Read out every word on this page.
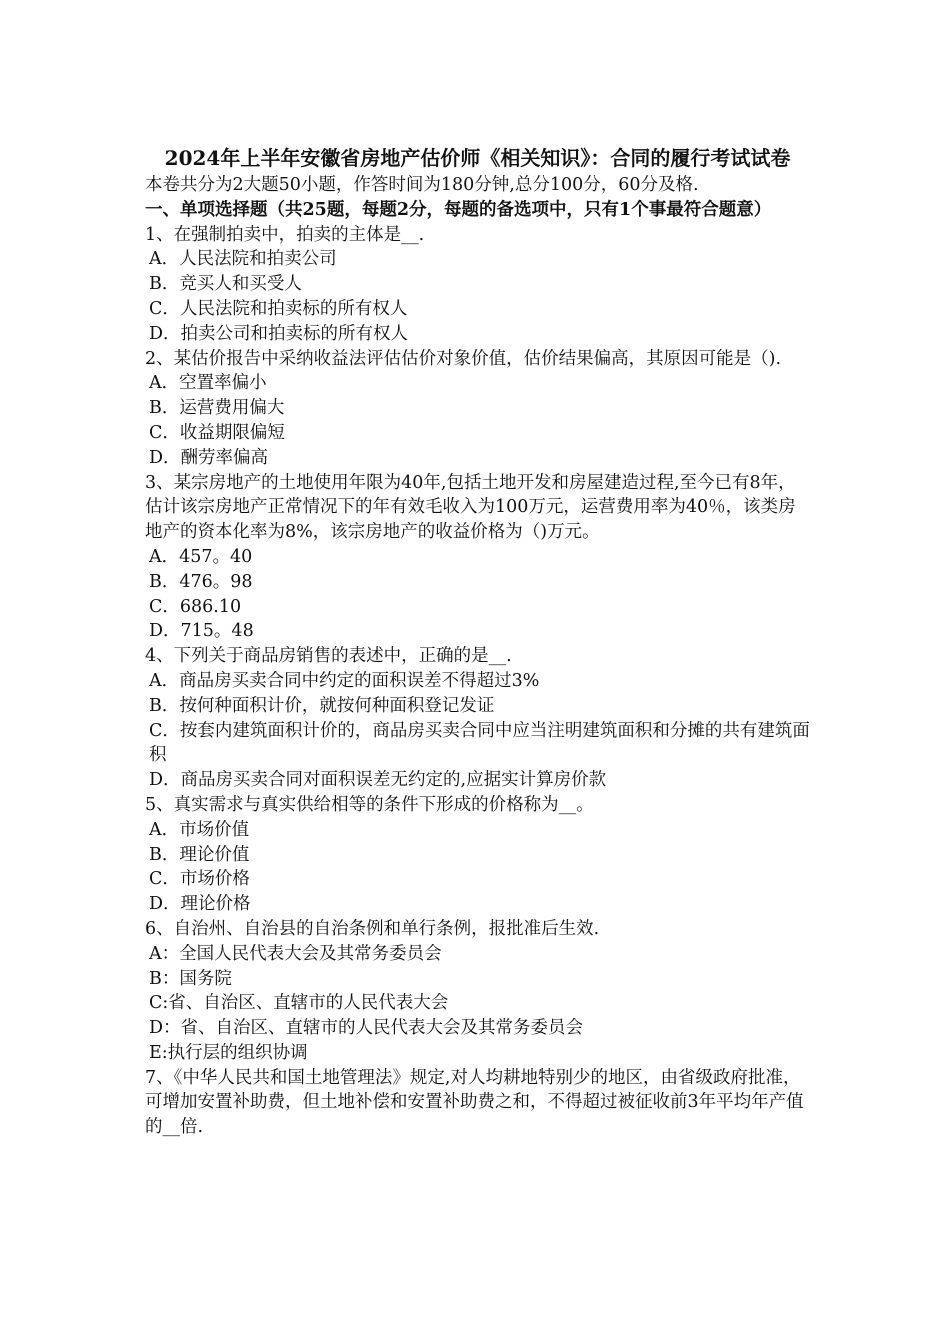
2024年上半年安徽省房地产估价师《相关知识》：合同的履行考试试卷
本卷共分为2大题50小题，作答时间为180分钟,总分100分，60分及格.
一、单项选择题（共25题，每题2分，每题的备选项中，只有1个事最符合题意）
1、在强制拍卖中，拍卖的主体是__.
A．人民法院和拍卖公司
B．竞买人和买受人
C．人民法院和拍卖标的所有权人
D．拍卖公司和拍卖标的所有权人
2、某估价报告中采纳收益法评估估价对象价值，估价结果偏高，其原因可能是（).
A．空置率偏小
B．运营费用偏大
C．收益期限偏短
D．酬劳率偏高
3、某宗房地产的土地使用年限为40年,包括土地开发和房屋建造过程,至今已有8年，估计该宗房地产正常情况下的年有效毛收入为100万元，运营费用率为40％，该类房地产的资本化率为8%，该宗房地产的收益价格为（)万元。
A．457。40
B．476。98
C．686.10
D．715。48
4、下列关于商品房销售的表述中，正确的是__.
A．商品房买卖合同中约定的面积误差不得超过3%
B．按何种面积计价，就按何种面积登记发证
C．按套内建筑面积计价的，商品房买卖合同中应当注明建筑面积和分摊的共有建筑面积
D．商品房买卖合同对面积误差无约定的,应据实计算房价款
5、真实需求与真实供给相等的条件下形成的价格称为__。
A．市场价值
B．理论价值
C．市场价格
D．理论价格
6、自治州、自治县的自治条例和单行条例，报批准后生效.
A：全国人民代表大会及其常务委员会
B：国务院
C:省、自治区、直辖市的人民代表大会
D：省、自治区、直辖市的人民代表大会及其常务委员会
E:执行层的组织协调
7、《中华人民共和国土地管理法》规定,对人均耕地特别少的地区，由省级政府批准，可增加安置补助费，但土地补偿和安置补助费之和，不得超过被征收前3年平均年产值的__倍.
